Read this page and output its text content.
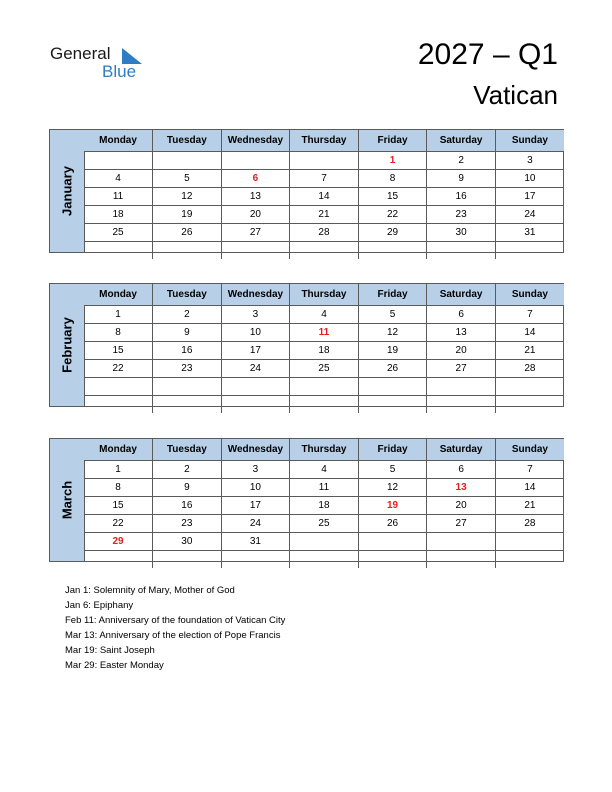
General
Blue
2027 – Q1
Vatican
January
Monday	Tuesday	Wednesday	Thursday	Friday	Saturday	Sunday
				1	2	3
4	5	6	7	8	9	10
11	12	13	14	15	16	17
18	19	20	21	22	23	24
25	26	27	28	29	30	31

February
Monday	Tuesday	Wednesday	Thursday	Friday	Saturday	Sunday
1	2	3	4	5	6	7
8	9	10	11	12	13	14
15	16	17	18	19	20	21
22	23	24	25	26	27	28

March
Monday	Tuesday	Wednesday	Thursday	Friday	Saturday	Sunday
1	2	3	4	5	6	7
8	9	10	11	12	13	14
15	16	17	18	19	20	21
22	23	24	25	26	27	28
29	30	31				

Jan 1: Solemnity of Mary, Mother of God
Jan 6: Epiphany
Feb 11: Anniversary of the foundation of Vatican City
Mar 13: Anniversary of the election of Pope Francis
Mar 19: Saint Joseph
Mar 29: Easter Monday
